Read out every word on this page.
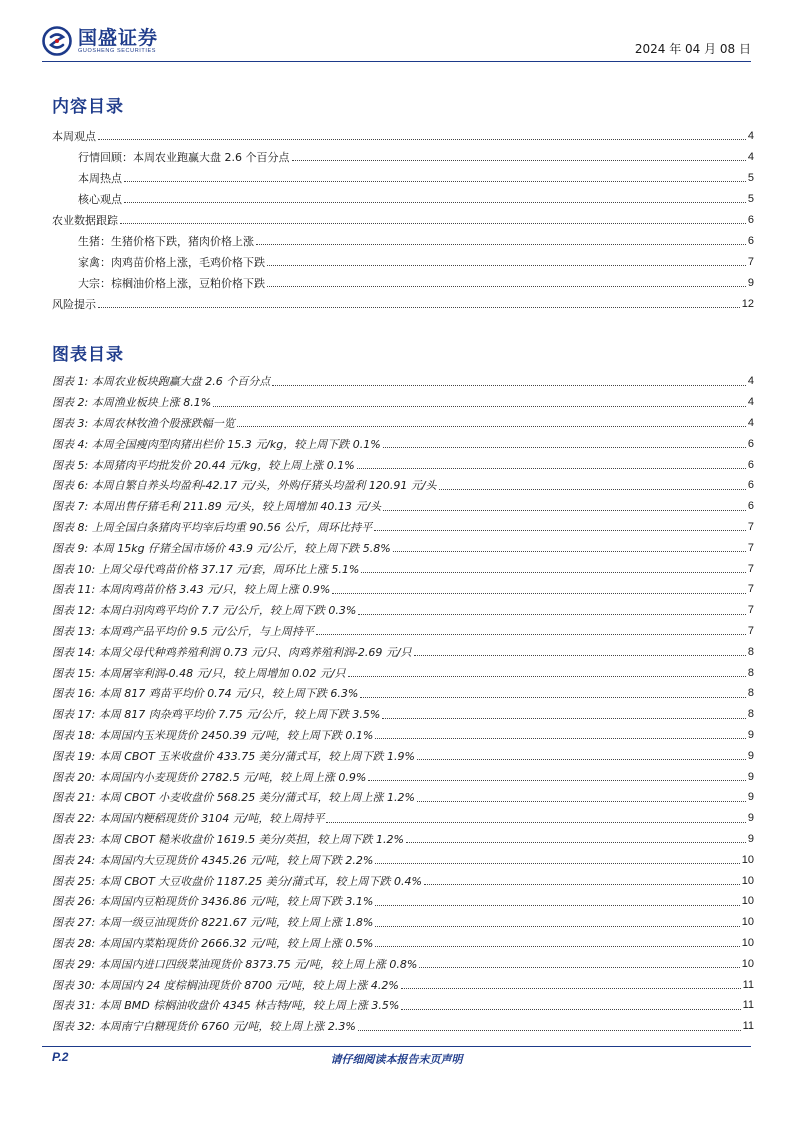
国盛证券
GUOSHENG SECURITIES	2024 年 04 月 08 日
内容目录
本周观点	4
行情回顾：本周农业跑赢大盘 2.6 个百分点	4
本周热点	5
核心观点	5
农业数据跟踪	6
生猪：生猪价格下跌，猪肉价格上涨	6
家禽：肉鸡苗价格上涨，毛鸡价格下跌	7
大宗：棕榈油价格上涨，豆粕价格下跌	9
风险提示	12
图表目录
图表 1: 本周农业板块跑赢大盘 2.6 个百分点	4
图表 2: 本周渔业板块上涨 8.1%	4
图表 3: 本周农林牧渔个股涨跌幅一览	4
图表 4: 本周全国瘦肉型肉猪出栏价 15.3 元/kg，较上周下跌 0.1%	6
图表 5: 本周猪肉平均批发价 20.44 元/kg，较上周上涨 0.1%	6
图表 6: 本周自繁自养头均盈利-42.17 元/头，外购仔猪头均盈利 120.91 元/头	6
图表 7: 本周出售仔猪毛利 211.89 元/头，较上周增加 40.13 元/头	6
图表 8: 上周全国白条猪肉平均宰后均重 90.56 公斤，周环比持平	7
图表 9: 本周 15kg 仔猪全国市场价 43.9 元/公斤，较上周下跌 5.8%	7
图表 10: 上周父母代鸡苗价格 37.17 元/套，周环比上涨 5.1%	7
图表 11: 本周肉鸡苗价格 3.43 元/只，较上周上涨 0.9%	7
图表 12: 本周白羽肉鸡平均价 7.7 元/公斤，较上周下跌 0.3%	7
图表 13: 本周鸡产品平均价 9.5 元/公斤，与上周持平	7
图表 14: 本周父母代种鸡养殖利润 0.73 元/只、肉鸡养殖利润-2.69 元/只	8
图表 15: 本周屠宰利润-0.48 元/只，较上周增加 0.02 元/只	8
图表 16: 本周 817 鸡苗平均价 0.74 元/只，较上周下跌 6.3%	8
图表 17: 本周 817 肉杂鸡平均价 7.75 元/公斤，较上周下跌 3.5%	8
图表 18: 本周国内玉米现货价 2450.39 元/吨，较上周下跌 0.1%	9
图表 19: 本周 CBOT 玉米收盘价 433.75 美分/蒲式耳，较上周下跌 1.9%	9
图表 20: 本周国内小麦现货价 2782.5 元/吨，较上周上涨 0.9%	9
图表 21: 本周 CBOT 小麦收盘价 568.25 美分/蒲式耳，较上周上涨 1.2%	9
图表 22: 本周国内粳稻现货价 3104 元/吨，较上周持平	9
图表 23: 本周 CBOT 糙米收盘价 1619.5 美分/英担，较上周下跌 1.2%	9
图表 24: 本周国内大豆现货价 4345.26 元/吨，较上周下跌 2.2%	10
图表 25: 本周 CBOT 大豆收盘价 1187.25 美分/蒲式耳，较上周下跌 0.4%	10
图表 26: 本周国内豆粕现货价 3436.86 元/吨，较上周下跌 3.1%	10
图表 27: 本周一级豆油现货价 8221.67 元/吨，较上周上涨 1.8%	10
图表 28: 本周国内菜粕现货价 2666.32 元/吨，较上周上涨 0.5%	10
图表 29: 本周国内进口四级菜油现货价 8373.75 元/吨，较上周上涨 0.8%	10
图表 30: 本周国内 24 度棕榈油现货价 8700 元/吨，较上周上涨 4.2%	11
图表 31: 本周 BMD 棕榈油收盘价 4345 林吉特/吨，较上周上涨 3.5%	11
图表 32: 本周南宁白糖现货价 6760 元/吨，较上周上涨 2.3%	11
P.2	请仔细阅读本报告末页声明
